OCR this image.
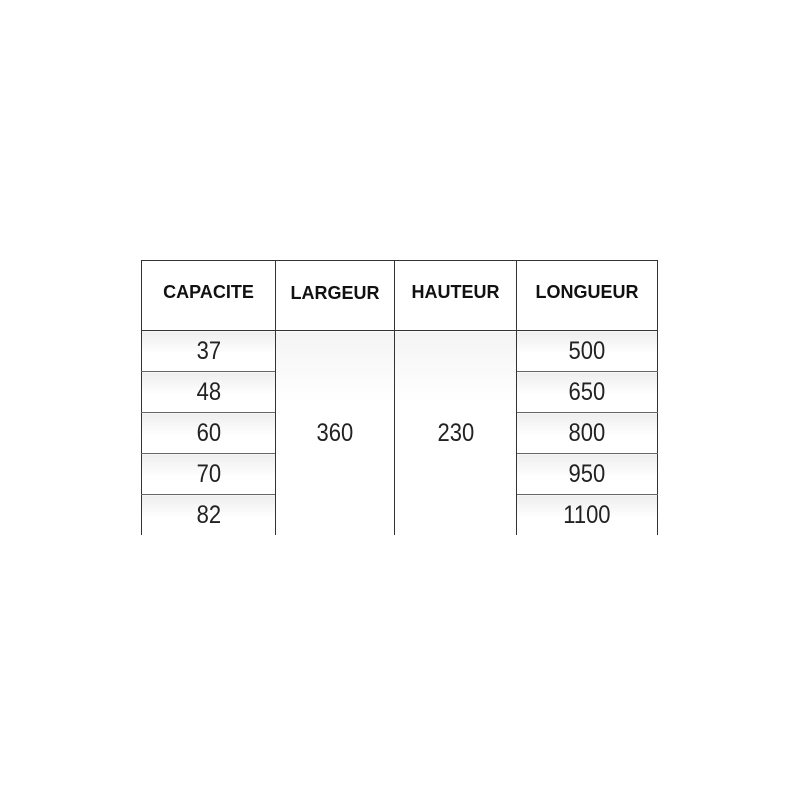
CAPACITE	LARGEUR	HAUTEUR	LONGUEUR
37	360	230	500
48			650
60			800
70			950
82			1100
